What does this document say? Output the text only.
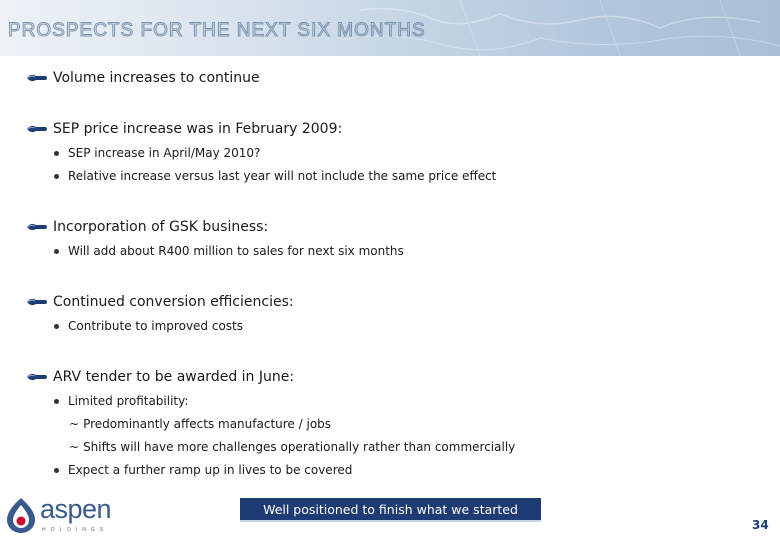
PROSPECTS FOR THE NEXT SIX MONTHS
Volume increases to continue
SEP price increase was in February 2009:
SEP increase in April/May 2010?
Relative increase versus last year will not include the same price effect
Incorporation of GSK business:
Will add about R400 million to sales for next six months
Continued conversion efficiencies:
Contribute to improved costs
ARV tender to be awarded in June:
Limited profitability:
~ Predominantly affects manufacture / jobs
~ Shifts will have more challenges operationally rather than commercially
Expect a further ramp up in lives to be covered
aspen
HOLDINGS
Well positioned to finish what we started
34
